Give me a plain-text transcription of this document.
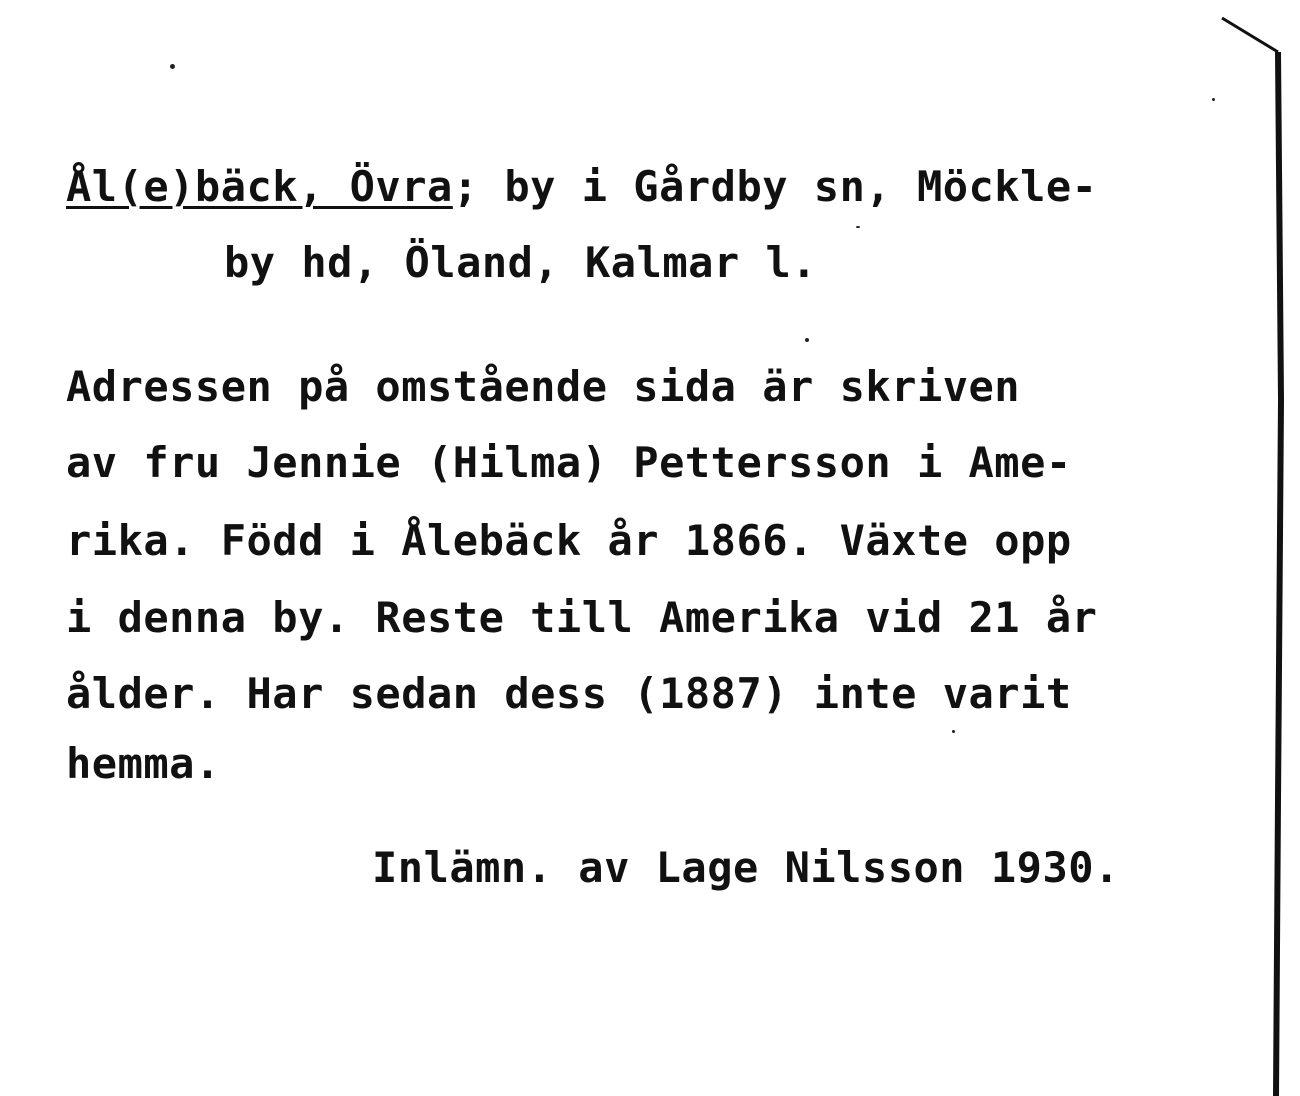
Ål(e)bäck, Övra; by i Gårdby sn, Möckle-
by hd, Öland, Kalmar l.
Adressen på omstående sida är skriven
av fru Jennie (Hilma) Pettersson i Ame-
rika. Född i Ålebäck år 1866. Växte opp
i denna by. Reste till Amerika vid 21 år
ålder. Har sedan dess (1887) inte varit
hemma.
Inlämn. av Lage Nilsson 1930.
